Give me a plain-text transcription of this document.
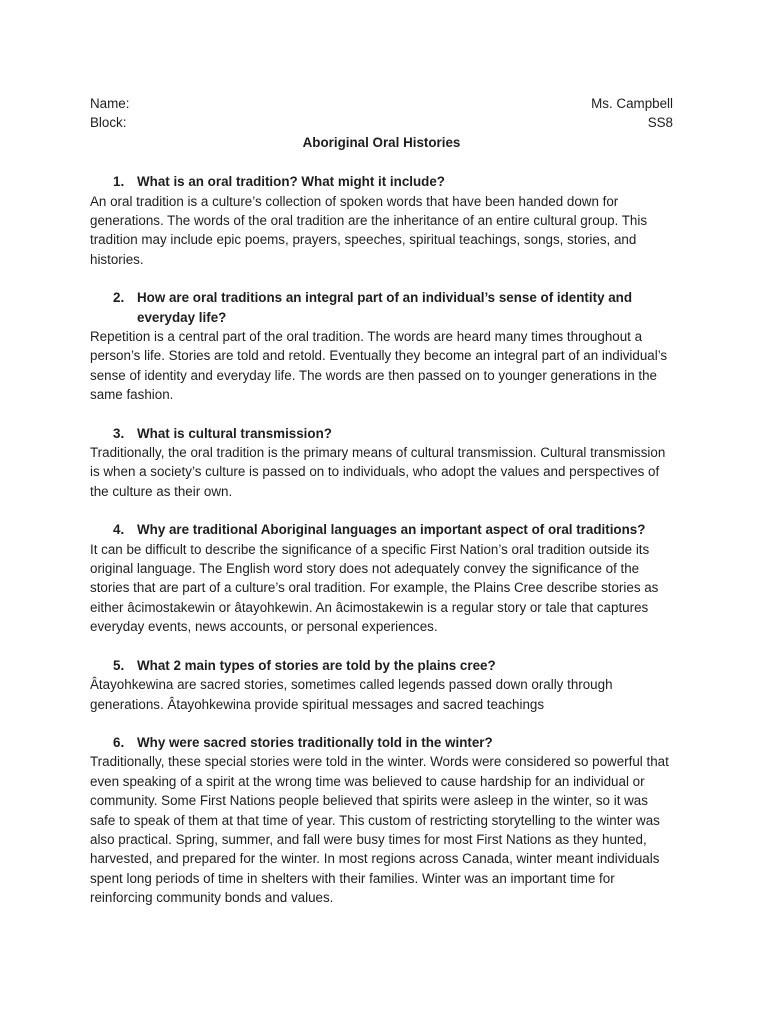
Name:	Ms. Campbell
Block:	SS8
Aboriginal Oral Histories
1. What is an oral tradition? What might it include?

An oral tradition is a culture’s collection of spoken words that have been handed down for generations. The words of the oral tradition are the inheritance of an entire cultural group. This tradition may include epic poems, prayers, speeches, spiritual teachings, songs, stories, and histories.

2. How are oral traditions an integral part of an individual’s sense of identity and everyday life?

Repetition is a central part of the oral tradition. The words are heard many times throughout a person’s life. Stories are told and retold. Eventually they become an integral part of an individual’s sense of identity and everyday life. The words are then passed on to younger generations in the same fashion.

3. What is cultural transmission?

Traditionally, the oral tradition is the primary means of cultural transmission. Cultural transmission is when a society’s culture is passed on to individuals, who adopt the values and perspectives of the culture as their own.

4. Why are traditional Aboriginal languages an important aspect of oral traditions?

It can be difficult to describe the significance of a specific First Nation’s oral tradition outside its original language. The English word story does not adequately convey the significance of the stories that are part of a culture’s oral tradition. For example, the Plains Cree describe stories as either âcimostakewin or âtayohkewin. An âcimostakewin is a regular story or tale that captures everyday events, news accounts, or personal experiences.

5. What 2 main types of stories are told by the plains cree?

Âtayohkewina are sacred stories, sometimes called legends passed down orally through generations. Âtayohkewina provide spiritual messages and sacred teachings

6. Why were sacred stories traditionally told in the winter?

Traditionally, these special stories were told in the winter. Words were considered so powerful that even speaking of a spirit at the wrong time was believed to cause hardship for an individual or community. Some First Nations people believed that spirits were asleep in the winter, so it was safe to speak of them at that time of year. This custom of restricting storytelling to the winter was also practical. Spring, summer, and fall were busy times for most First Nations as they hunted, harvested, and prepared for the winter. In most regions across Canada, winter meant individuals spent long periods of time in shelters with their families. Winter was an important time for reinforcing community bonds and values.
